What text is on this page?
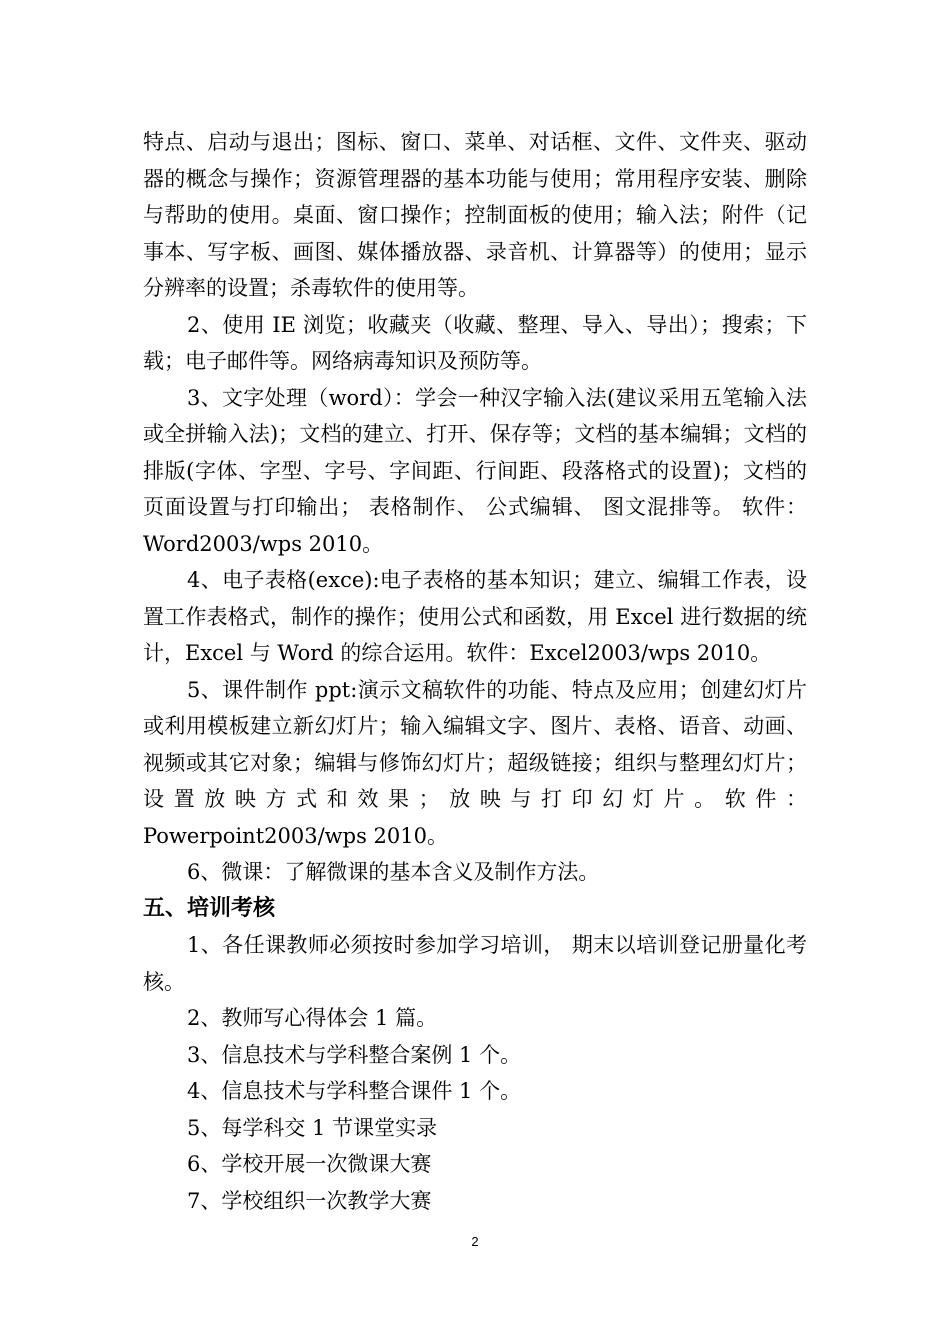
特点、启动与退出；图标、窗口、菜单、对话框、文件、文件夹、驱动器的概念与操作；资源管理器的基本功能与使用；常用程序安装、删除与帮助的使用。桌面、窗口操作；控制面板的使用；输入法；附件（记事本、写字板、画图、媒体播放器、录音机、计算器等）的使用；显示分辨率的设置；杀毒软件的使用等。

2、使用 IE 浏览；收藏夹（收藏、整理、导入、导出）；搜索；下载；电子邮件等。网络病毒知识及预防等。

3、文字处理（word）：学会一种汉字输入法(建议采用五笔输入法或全拼输入法)；文档的建立、打开、保存等；文档的基本编辑；文档的排版(字体、字型、字号、字间距、行间距、段落格式的设置)；文档的页面设置与打印输出； 表格制作、 公式编辑、 图文混排等。 软件：Word2003/wps 2010。

4、电子表格(exce):电子表格的基本知识；建立、编辑工作表，设置工作表格式，制作的操作；使用公式和函数，用 Excel 进行数据的统计，Excel 与 Word 的综合运用。软件：Excel2003/wps 2010。

5、课件制作 ppt:演示文稿软件的功能、特点及应用；创建幻灯片或利用模板建立新幻灯片；输入编辑文字、图片、表格、语音、动画、视频或其它对象；编辑与修饰幻灯片；超级链接；组织与整理幻灯片；设置放映方式和效果；放映与打印幻灯片。软件：Powerpoint2003/wps 2010。

6、微课：了解微课的基本含义及制作方法。

五、培训考核

1、各任课教师必须按时参加学习培训， 期末以培训登记册量化考核。

2、教师写心得体会 1 篇。

3、信息技术与学科整合案例 1 个。

4、信息技术与学科整合课件 1 个。

5、每学科交 1 节课堂实录

6、学校开展一次微课大赛

7、学校组织一次教学大赛

2
